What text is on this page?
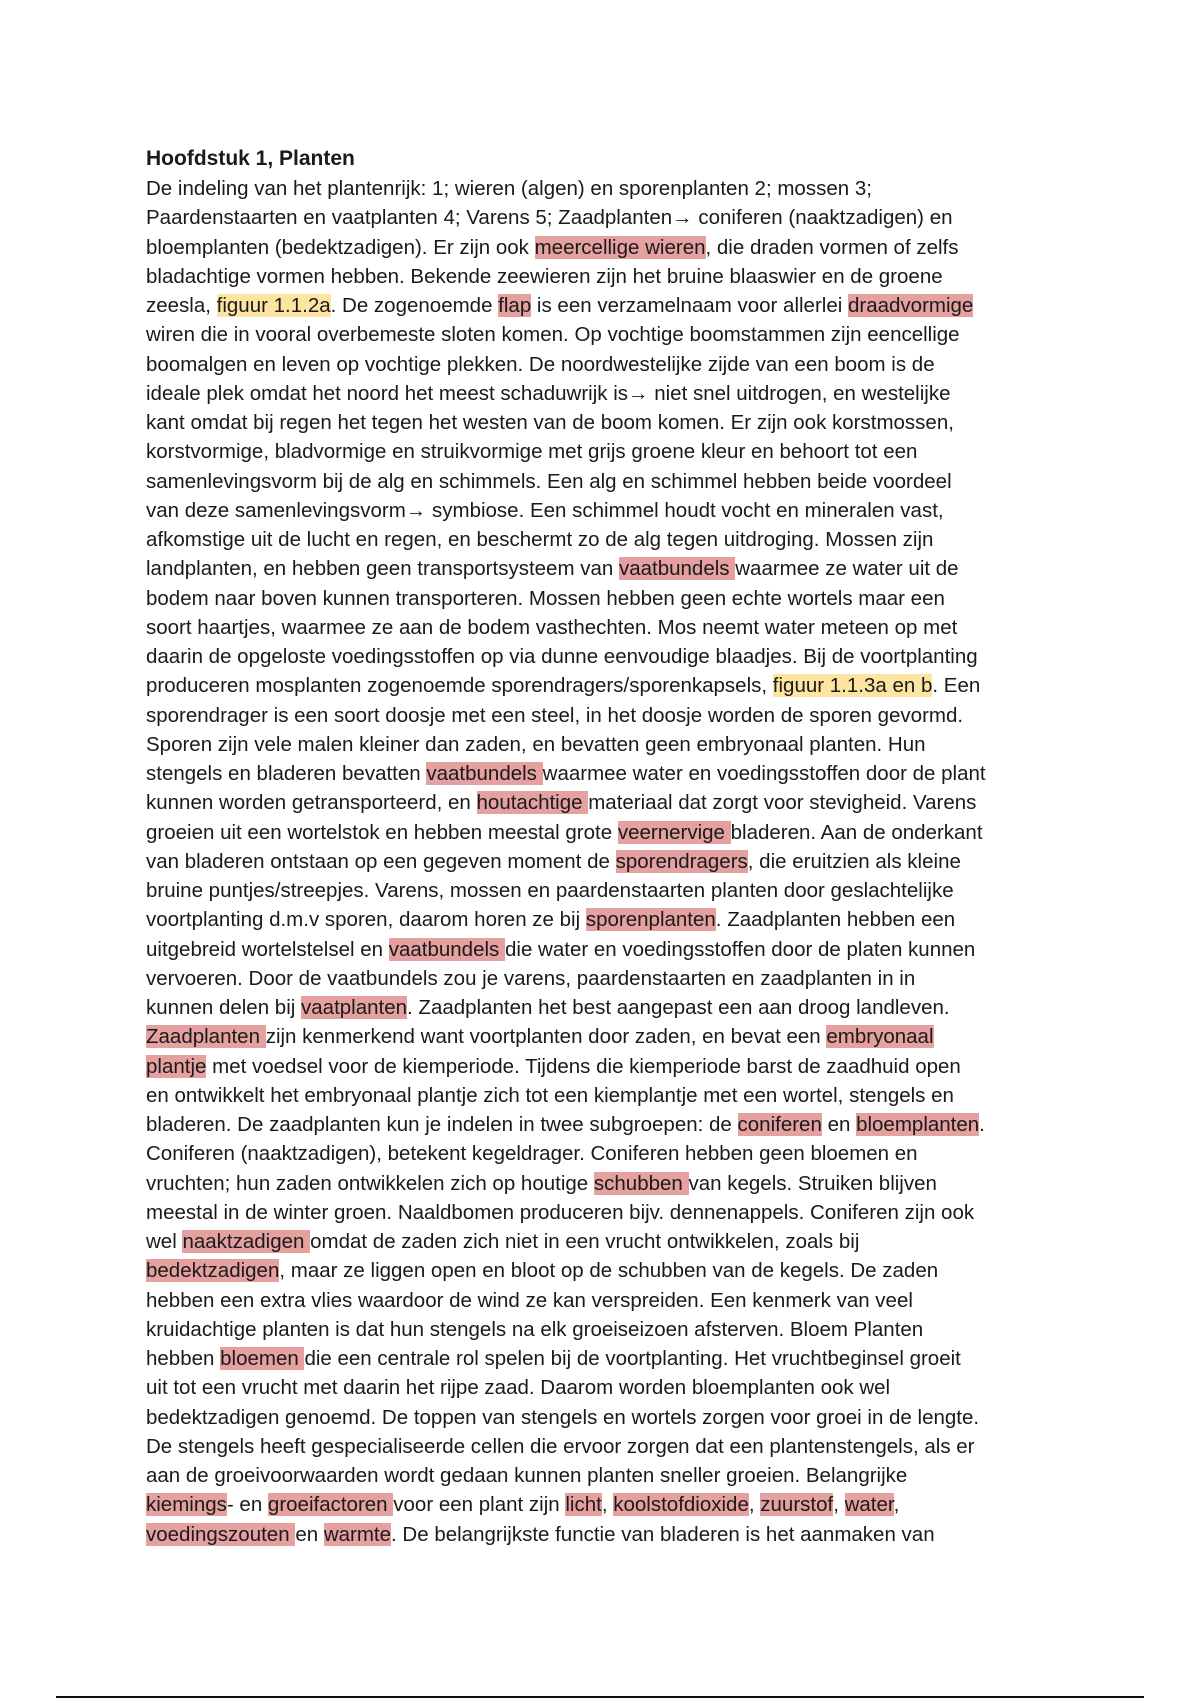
Hoofdstuk 1, Planten
De indeling van het plantenrijk: 1; wieren (algen) en sporenplanten 2; mossen 3;
Paardenstaarten en vaatplanten 4; Varens 5; Zaadplanten→ coniferen (naaktzadigen) en
bloemplanten (bedektzadigen). Er zijn ook meercellige wieren, die draden vormen of zelfs
bladachtige vormen hebben. Bekende zeewieren zijn het bruine blaaswier en de groene
zeesla, figuur 1.1.2a. De zogenoemde flap is een verzamelnaam voor allerlei draadvormige
wiren die in vooral overbemeste sloten komen. Op vochtige boomstammen zijn eencellige
boomalgen en leven op vochtige plekken. De noordwestelijke zijde van een boom is de
ideale plek omdat het noord het meest schaduwrijk is→ niet snel uitdrogen, en westelijke
kant omdat bij regen het tegen het westen van de boom komen. Er zijn ook korstmossen,
korstvormige, bladvormige en struikvormige met grijs groene kleur en behoort tot een
samenlevingsvorm bij de alg en schimmels. Een alg en schimmel hebben beide voordeel
van deze samenlevingsvorm→ symbiose. Een schimmel houdt vocht en mineralen vast,
afkomstige uit de lucht en regen, en beschermt zo de alg tegen uitdroging. Mossen zijn
landplanten, en hebben geen transportsysteem van vaatbundels waarmee ze water uit de
bodem naar boven kunnen transporteren. Mossen hebben geen echte wortels maar een
soort haartjes, waarmee ze aan de bodem vasthechten. Mos neemt water meteen op met
daarin de opgeloste voedingsstoffen op via dunne eenvoudige blaadjes. Bij de voortplanting
produceren mosplanten zogenoemde sporendragers/sporenkapsels, figuur 1.1.3a en b. Een
sporendrager is een soort doosje met een steel, in het doosje worden de sporen gevormd.
Sporen zijn vele malen kleiner dan zaden, en bevatten geen embryonaal planten. Hun
stengels en bladeren bevatten vaatbundels waarmee water en voedingsstoffen door de plant
kunnen worden getransporteerd, en houtachtige materiaal dat zorgt voor stevigheid. Varens
groeien uit een wortelstok en hebben meestal grote veernervige bladeren. Aan de onderkant
van bladeren ontstaan op een gegeven moment de sporendragers, die eruitzien als kleine
bruine puntjes/streepjes. Varens, mossen en paardenstaarten planten door geslachtelijke
voortplanting d.m.v sporen, daarom horen ze bij sporenplanten. Zaadplanten hebben een
uitgebreid wortelstelsel en vaatbundels die water en voedingsstoffen door de platen kunnen
vervoeren. Door de vaatbundels zou je varens, paardenstaarten en zaadplanten in in
kunnen delen bij vaatplanten. Zaadplanten het best aangepast een aan droog landleven.
Zaadplanten zijn kenmerkend want voortplanten door zaden, en bevat een embryonaal
plantje met voedsel voor de kiemperiode. Tijdens die kiemperiode barst de zaadhuid open
en ontwikkelt het embryonaal plantje zich tot een kiemplantje met een wortel, stengels en
bladeren. De zaadplanten kun je indelen in twee subgroepen: de coniferen en bloemplanten.
Coniferen (naaktzadigen), betekent kegeldrager. Coniferen hebben geen bloemen en
vruchten; hun zaden ontwikkelen zich op houtige schubben van kegels. Struiken blijven
meestal in de winter groen. Naaldbomen produceren bijv. dennenappels. Coniferen zijn ook
wel naaktzadigen omdat de zaden zich niet in een vrucht ontwikkelen, zoals bij
bedektzadigen, maar ze liggen open en bloot op de schubben van de kegels. De zaden
hebben een extra vlies waardoor de wind ze kan verspreiden. Een kenmerk van veel
kruidachtige planten is dat hun stengels na elk groeiseizoen afsterven. Bloem Planten
hebben bloemen die een centrale rol spelen bij de voortplanting. Het vruchtbeginsel groeit
uit tot een vrucht met daarin het rijpe zaad. Daarom worden bloemplanten ook wel
bedektzadigen genoemd. De toppen van stengels en wortels zorgen voor groei in de lengte.
De stengels heeft gespecialiseerde cellen die ervoor zorgen dat een plantenstengels, als er
aan de groeivoorwaarden wordt gedaan kunnen planten sneller groeien. Belangrijke
kiemings- en groeifactoren voor een plant zijn licht, koolstofdioxide, zuurstof, water,
voedingszouten en warmte. De belangrijkste functie van bladeren is het aanmaken van
